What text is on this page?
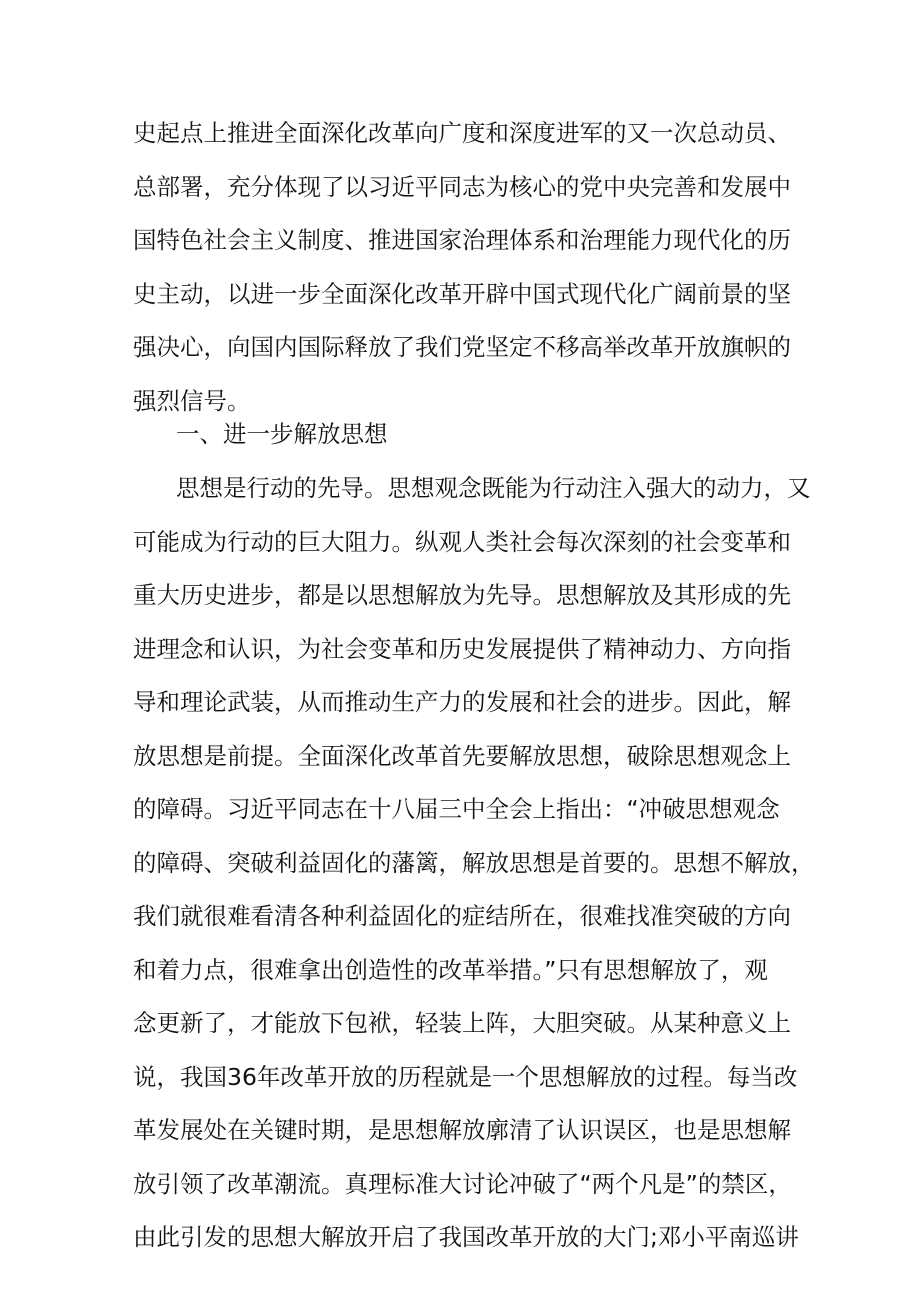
史起点上推进全面深化改革向广度和深度进军的又一次总动员、
总部署，充分体现了以习近平同志为核心的党中央完善和发展中
国特色社会主义制度、推进国家治理体系和治理能力现代化的历
史主动，以进一步全面深化改革开辟中国式现代化广阔前景的坚
强决心，向国内国际释放了我们党坚定不移高举改革开放旗帜的
强烈信号。
一、进一步解放思想
思想是行动的先导。思想观念既能为行动注入强大的动力，又
可能成为行动的巨大阻力。纵观人类社会每次深刻的社会变革和
重大历史进步，都是以思想解放为先导。思想解放及其形成的先
进理念和认识，为社会变革和历史发展提供了精神动力、方向指
导和理论武装，从而推动生产力的发展和社会的进步。因此，解
放思想是前提。全面深化改革首先要解放思想，破除思想观念上
的障碍。习近平同志在十八届三中全会上指出：“冲破思想观念
的障碍、突破利益固化的藩篱，解放思想是首要的。思想不解放，
我们就很难看清各种利益固化的症结所在，很难找准突破的方向
和着力点，很难拿出创造性的改革举措。”只有思想解放了，观
念更新了，才能放下包袱，轻装上阵，大胆突破。从某种意义上
说，我国36年改革开放的历程就是一个思想解放的过程。每当改
革发展处在关键时期，是思想解放廓清了认识误区，也是思想解
放引领了改革潮流。真理标准大讨论冲破了“两个凡是”的禁区，
由此引发的思想大解放开启了我国改革开放的大门;邓小平南巡讲
